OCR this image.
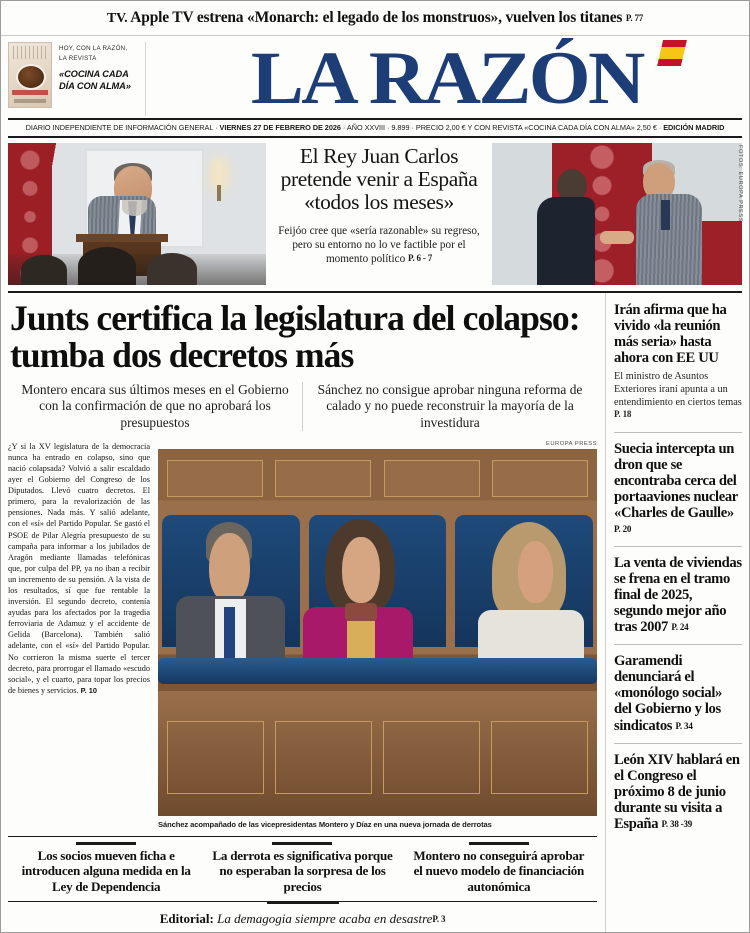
TV. Apple TV estrena «Monarch: el legado de los monstruos», vuelven los titanes P. 77
HOY, CON LA RAZÓN,
LA REVISTA
«COCINA CADA
DÍA CON ALMA» LA RAZÓN
DIARIO INDEPENDIENTE DE INFORMACIÓN GENERAL · VIERNES 27 DE FEBRERO DE 2026 · AÑO XXVIII · 9.899 · PRECIO 2,00 € Y CON REVISTA «COCINA CADA DÍA CON ALMA» 2,50 € · EDICIÓN MADRID
El Rey Juan Carlos pretende venir a España «todos los meses»
Feijóo cree que «sería razonable» su regreso, pero su entorno no lo ve factible por el momento político P. 6 - 7
FOTOS: EUROPA PRESS
Junts certifica la legislatura del colapso: tumba dos decretos más
Montero encara sus últimos meses en el Gobierno con la confirmación de que no aprobará los presupuestos
Sánchez no consigue aprobar ninguna reforma de calado y no puede reconstruir la mayoría de la investidura
¿Y si la XV legislatura de la democracia nunca ha entrado en colapso, sino que nació colapsada? Volvió a salir escaldado ayer el Gobierno del Congreso de los Diputados. Llevó cuatro decretos. El primero, para la revalorización de las pensiones. Nada más. Y salió adelante, con el «sí» del Partido Popular. Se gastó el PSOE de Pilar Alegría presupuesto de su campaña para informar a los jubilados de Aragón mediante llamadas telefónicas que, por culpa del PP, ya no iban a recibir un incremento de su pensión. A la vista de los resultados, sí que fue rentable la inversión. El segundo decreto, contenía ayudas para los afectados por la tragedia ferroviaria de Adamuz y el accidente de Gelida (Barcelona). También salió adelante, con el «sí» del Partido Popular. No corrieron la misma suerte el tercer decreto, para prorrogar el llamado «escudo social», y el cuarto, para topar los precios de bienes y servicios. P. 10
EUROPA PRESS
Sánchez acompañado de las vicepresidentas Montero y Díaz en una nueva jornada de derrotas
Los socios mueven ficha e introducen alguna medida en la Ley de Dependencia
La derrota es significativa porque no esperaban la sorpresa de los precios
Montero no conseguirá aprobar el nuevo modelo de financiación autonómica
Editorial: La demagogia siempre acaba en desastreP. 3
Irán afirma que ha vivido «la reunión más seria» hasta ahora con EE UU
El ministro de Asuntos Exteriores iraní apunta a un entendimiento en ciertos temas P. 18
Suecia intercepta un dron que se encontraba cerca del portaaviones nuclear «Charles de Gaulle» P. 20
La venta de viviendas se frena en el tramo final de 2025, segundo mejor año tras 2007 P. 24
Garamendi denunciará el «monólogo social» del Gobierno y los sindicatos P. 34
León XIV hablará en el Congreso el próximo 8 de junio durante su visita a España P. 38 -39
